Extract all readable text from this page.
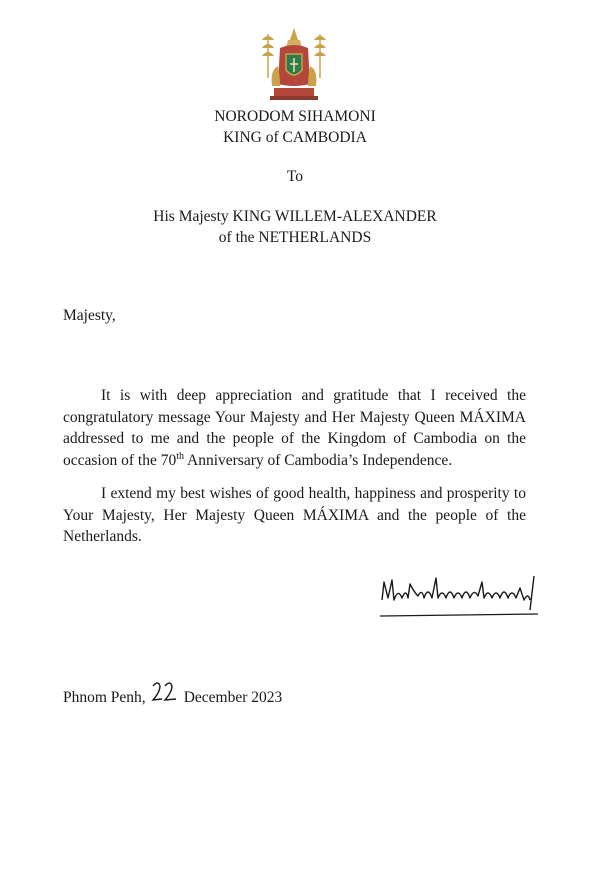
NORODOM SIHAMONI
KING of CAMBODIA
To
His Majesty KING WILLEM-ALEXANDER
of the NETHERLANDS
Majesty,

It is with deep appreciation and gratitude that I received the congratulatory message Your Majesty and Her Majesty Queen MÁXIMA addressed to me and the people of the Kingdom of Cambodia on the occasion of the 70th Anniversary of Cambodia’s Independence.

I extend my best wishes of good health, happiness and prosperity to Your Majesty, Her Majesty Queen MÁXIMA and the people of the Netherlands.

Phnom Penh, December 2023
